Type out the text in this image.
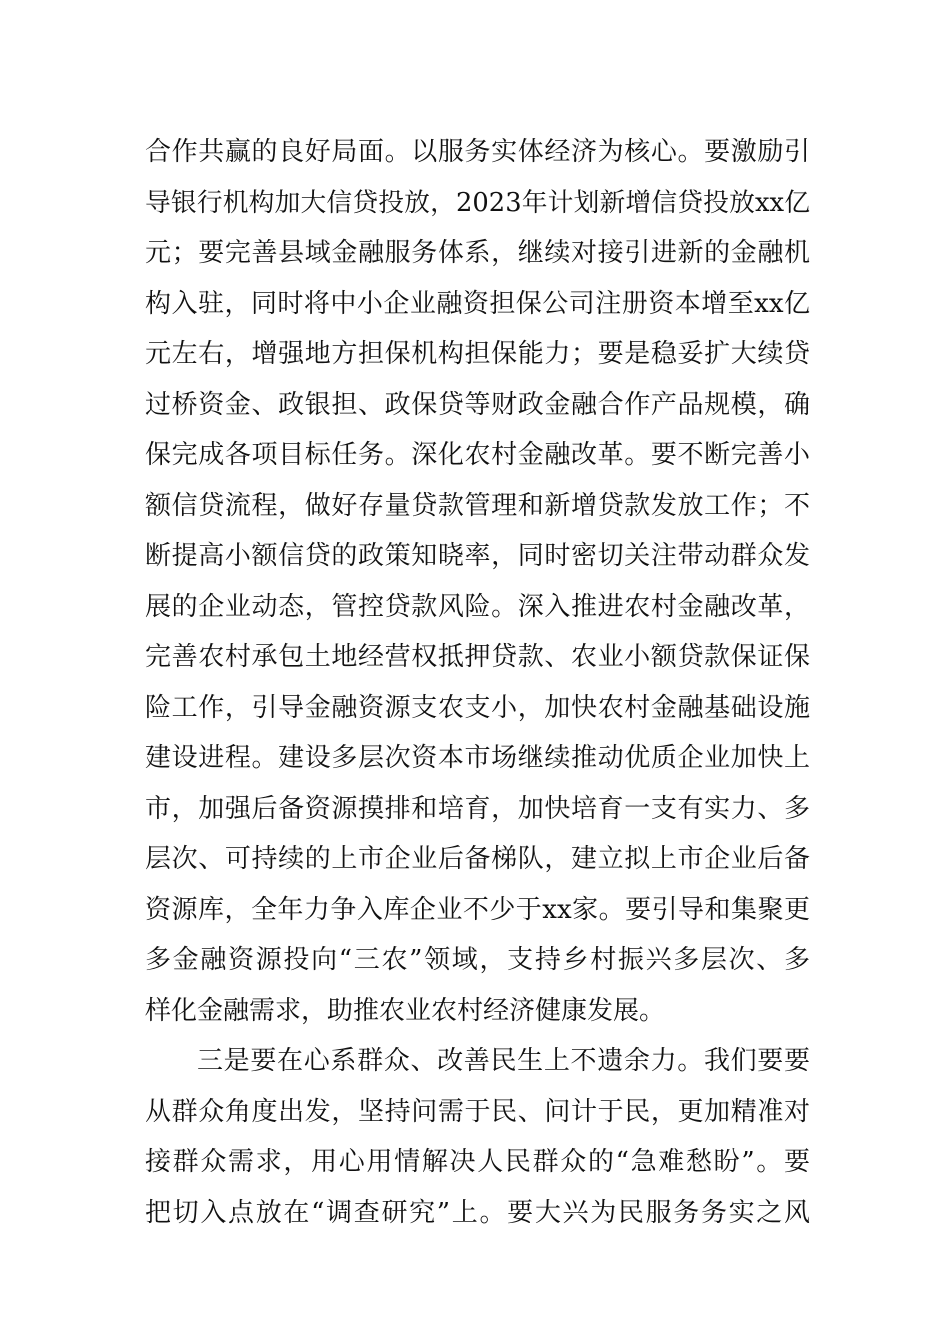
合作共赢的良好局面。以服务实体经济为核心。要激励引
导银行机构加大信贷投放，2023年计划新增信贷投放xx亿
元；要完善县域金融服务体系，继续对接引进新的金融机
构入驻，同时将中小企业融资担保公司注册资本增至xx亿
元左右，增强地方担保机构担保能力；要是稳妥扩大续贷
过桥资金、政银担、政保贷等财政金融合作产品规模，确
保完成各项目标任务。深化农村金融改革。要不断完善小
额信贷流程，做好存量贷款管理和新增贷款发放工作；不
断提高小额信贷的政策知晓率，同时密切关注带动群众发
展的企业动态，管控贷款风险。深入推进农村金融改革，
完善农村承包土地经营权抵押贷款、农业小额贷款保证保
险工作，引导金融资源支农支小，加快农村金融基础设施
建设进程。建设多层次资本市场继续推动优质企业加快上
市，加强后备资源摸排和培育，加快培育一支有实力、多
层次、可持续的上市企业后备梯队，建立拟上市企业后备
资源库，全年力争入库企业不少于xx家。要引导和集聚更
多金融资源投向“三农”领域，支持乡村振兴多层次、多
样化金融需求，助推农业农村经济健康发展。
三是要在心系群众、改善民生上不遗余力。我们要要
从群众角度出发，坚持问需于民、问计于民，更加精准对
接群众需求，用心用情解决人民群众的“急难愁盼”。要
把切入点放在“调查研究”上。要大兴为民服务务实之风
